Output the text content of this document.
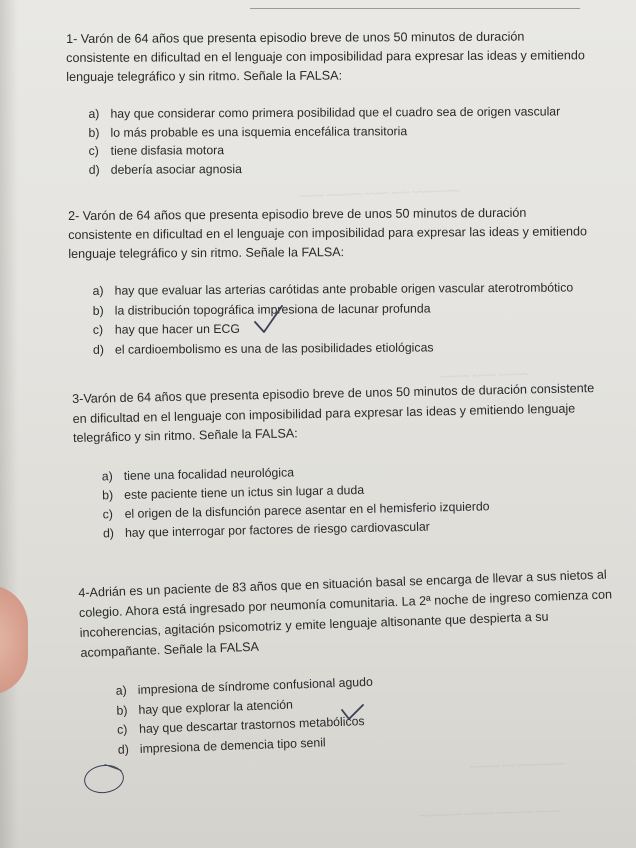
~~~~ ~~~~~~ ~~~~ ~~~ ~~~~~~~~
~~~~~ ~~~~ ~~~~~
~~~~~ ~~ ~~~~~~~~
~~~~~~~ ~~~~~ ~~~~~~ ~~~~

1- Varón de 64 años que presenta episodio breve de unos 50 minutos de duración consistente en dificultad en el lenguaje con imposibilidad para expresar las ideas y emitiendo lenguaje telegráfico y sin ritmo. Señale la FALSA:

a) hay que considerar como primera posibilidad que el cuadro sea de origen vascular
b) lo más probable es una isquemia encefálica transitoria
c) tiene disfasia motora
d) debería asociar agnosia

2- Varón de 64 años que presenta episodio breve de unos 50 minutos de duración consistente en dificultad en el lenguaje con imposibilidad para expresar las ideas y emitiendo lenguaje telegráfico y sin ritmo. Señale la FALSA:

a) hay que evaluar las arterias carótidas ante probable origen vascular aterotrombótico
b) la distribución topográfica impresiona de lacunar profunda
c) hay que hacer un ECG
d) el cardioembolismo es una de las posibilidades etiológicas

3-Varón de 64 años que presenta episodio breve de unos 50 minutos de duración consistente en dificultad en el lenguaje con imposibilidad para expresar las ideas y emitiendo lenguaje telegráfico y sin ritmo. Señale la FALSA:

a) tiene una focalidad neurológica
b) este paciente tiene un ictus sin lugar a duda
c) el origen de la disfunción parece asentar en el hemisferio izquierdo
d) hay que interrogar por factores de riesgo cardiovascular

4-Adrián es un paciente de 83 años que en situación basal se encarga de llevar a sus nietos al colegio. Ahora está ingresado por neumonía comunitaria. La 2ª noche de ingreso comienza con incoherencias, agitación psicomotriz y emite lenguaje altisonante que despierta a su acompañante. Señale la FALSA

a) impresiona de síndrome confusional agudo
b) hay que explorar la atención
c) hay que descartar trastornos metabólicos
d) impresiona de demencia tipo senil
